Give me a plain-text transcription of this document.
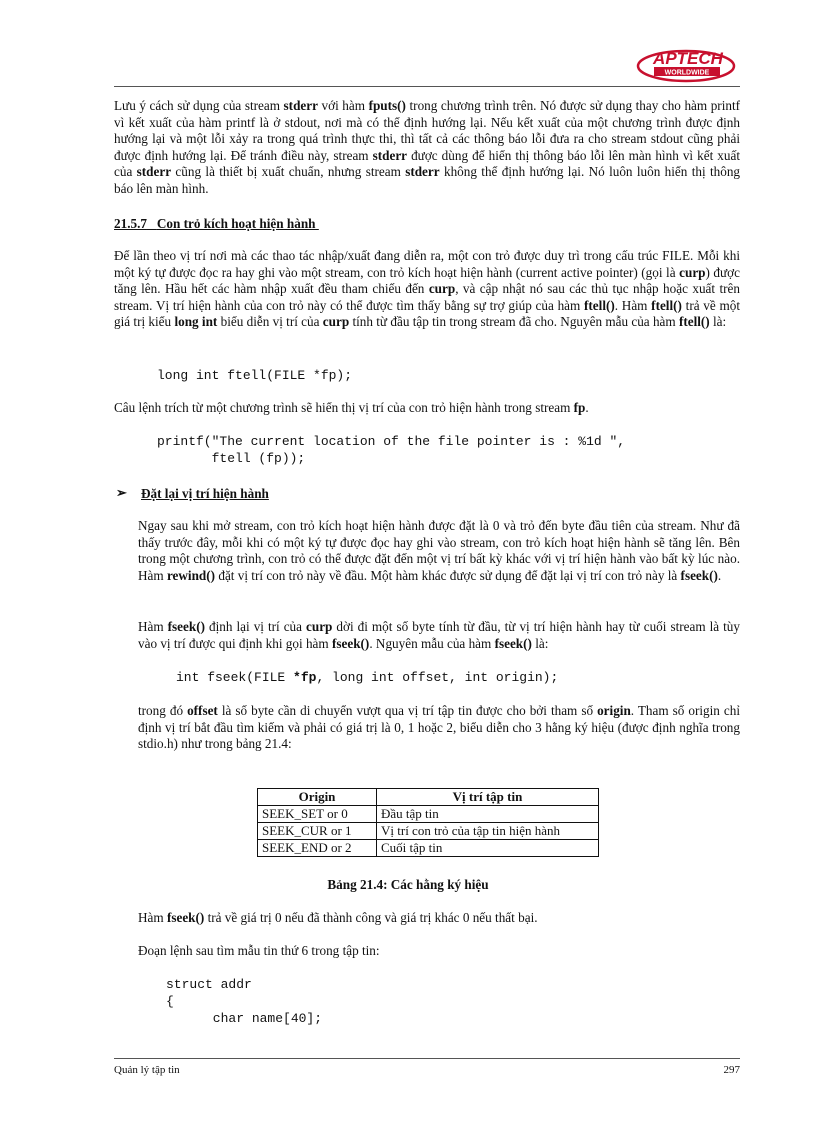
APTECH
WORLDWIDE
Lưu ý cách sử dụng của stream stderr với hàm fputs() trong chương trình trên. Nó được sử dụng thay cho hàm printf vì kết xuất của hàm printf là ở stdout, nơi mà có thể định hướng lại. Nếu kết xuất của một chương trình được định hướng lại và một lỗi xảy ra trong quá trình thực thi, thì tất cả các thông báo lỗi đưa ra cho stream stdout cũng phải được định hướng lại. Để tránh điều này, stream stderr được dùng để hiển thị thông báo lỗi lên màn hình vì kết xuất của stderr cũng là thiết bị xuất chuẩn, nhưng stream stderr không thể định hướng lại. Nó luôn luôn hiển thị thông báo lên màn hình.
21.5.7 Con trỏ kích hoạt hiện hành
Để lần theo vị trí nơi mà các thao tác nhập/xuất đang diễn ra, một con trỏ được duy trì trong cấu trúc FILE. Mỗi khi một ký tự được đọc ra hay ghi vào một stream, con trỏ kích hoạt hiện hành (current active pointer) (gọi là curp) được tăng lên. Hầu hết các hàm nhập xuất đều tham chiếu đến curp, và cập nhật nó sau các thủ tục nhập hoặc xuất trên stream. Vị trí hiện hành của con trỏ này có thể được tìm thấy bằng sự trợ giúp của hàm ftell(). Hàm ftell() trả về một giá trị kiểu long int biểu diễn vị trí của curp tính từ đầu tập tin trong stream đã cho. Nguyên mẫu của hàm ftell() là:
long int ftell(FILE *fp);
Câu lệnh trích từ một chương trình sẽ hiển thị vị trí của con trỏ hiện hành trong stream fp.
printf("The current location of the file pointer is : %1d ",
ftell (fp));
➢ Đặt lại vị trí hiện hành
Ngay sau khi mở stream, con trỏ kích hoạt hiện hành được đặt là 0 và trỏ đến byte đầu tiên của stream. Như đã thấy trước đây, mỗi khi có một ký tự được đọc hay ghi vào stream, con trỏ kích hoạt hiện hành sẽ tăng lên. Bên trong một chương trình, con trỏ có thể được đặt đến một vị trí bất kỳ khác với vị trí hiện hành vào bất kỳ lúc nào. Hàm rewind() đặt vị trí con trỏ này về đầu. Một hàm khác được sử dụng để đặt lại vị trí con trỏ này là fseek().
Hàm fseek() định lại vị trí của curp dời đi một số byte tính từ đầu, từ vị trí hiện hành hay từ cuối stream là tùy vào vị trí được qui định khi gọi hàm fseek(). Nguyên mẫu của hàm fseek() là:
int fseek(FILE *fp, long int offset, int origin);
trong đó offset là số byte cần di chuyển vượt qua vị trí tập tin được cho bởi tham số origin. Tham số origin chỉ định vị trí bắt đầu tìm kiếm và phải có giá trị là 0, 1 hoặc 2, biểu diễn cho 3 hằng ký hiệu (được định nghĩa trong stdio.h) như trong bảng 21.4:
Origin	Vị trí tập tin
SEEK_SET or 0	Đầu tập tin
SEEK_CUR or 1	Vị trí con trỏ của tập tin hiện hành
SEEK_END or 2	Cuối tập tin
Bảng 21.4: Các hằng ký hiệu
Hàm fseek() trả về giá trị 0 nếu đã thành công và giá trị khác 0 nếu thất bại.
Đoạn lệnh sau tìm mẫu tin thứ 6 trong tập tin:
struct addr
{
char name[40];
Quản lý tập tin	297
